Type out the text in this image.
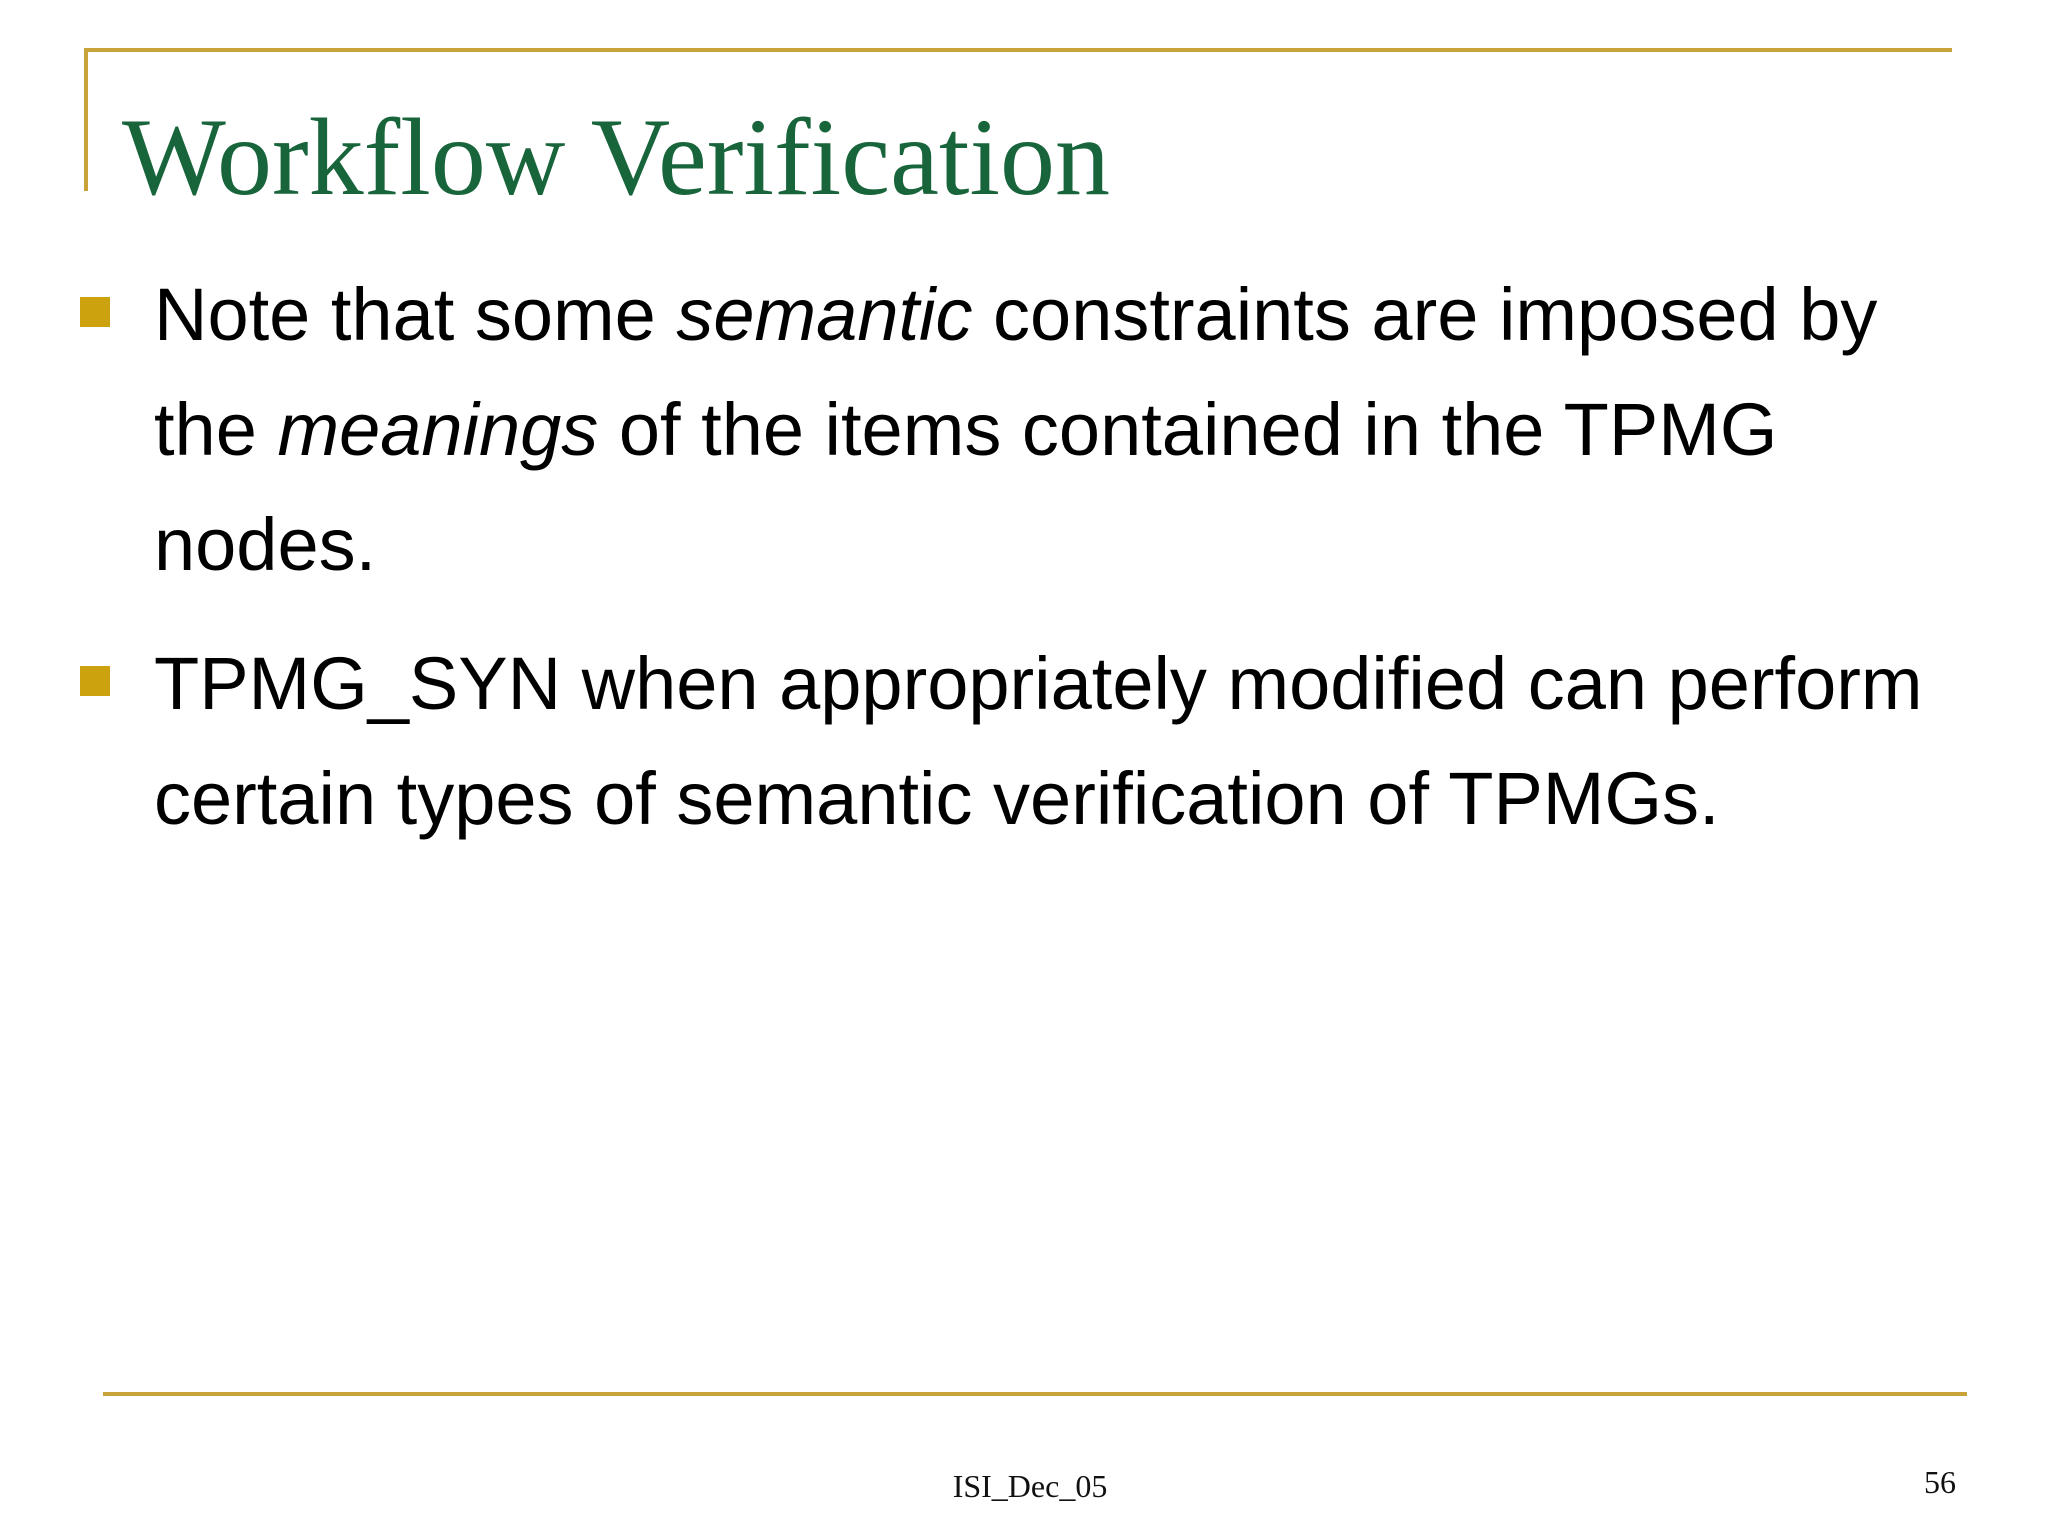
Workflow Verification

Note that some semantic constraints are imposed by the meanings of the items contained in the TPMG nodes.

TPMG_SYN when appropriately modified can perform certain types of semantic verification of TPMGs.

ISI_Dec_05	56
